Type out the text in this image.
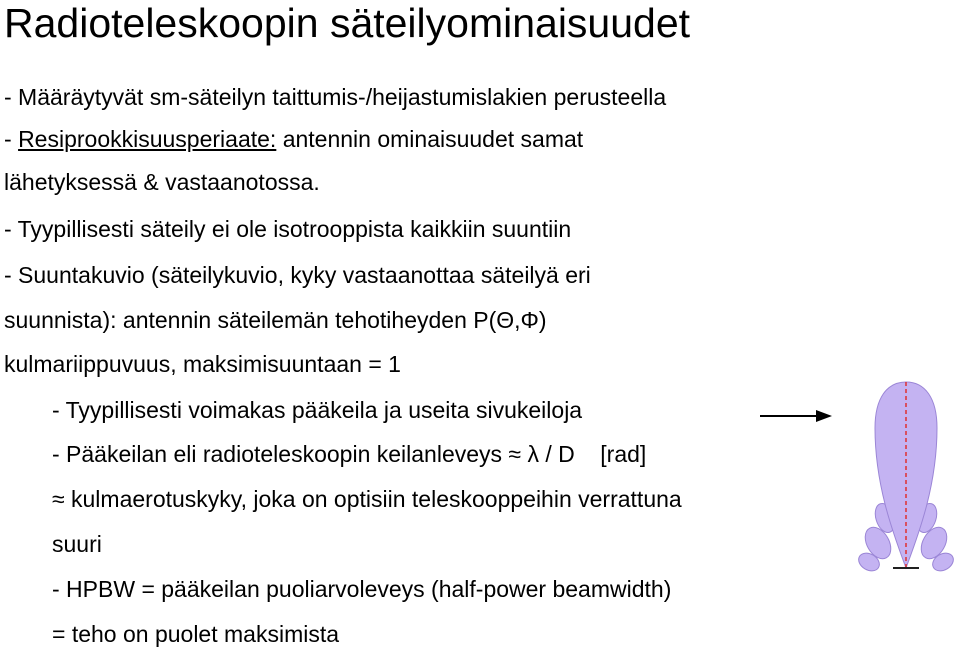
Radioteleskoopin säteilyominaisuudet
- Määräytyvät sm-säteilyn taittumis-/heijastumislakien perusteella
- Resiprookkisuusperiaate: antennin ominaisuudet samat
lähetyksessä & vastaanotossa.
- Tyypillisesti säteily ei ole isotrooppista kaikkiin suuntiin
- Suuntakuvio (säteilykuvio, kyky vastaanottaa säteilyä eri
suunnista): antennin säteilemän tehotiheyden P(Θ,Φ)
kulmariippuvuus, maksimisuuntaan = 1
- Tyypillisesti voimakas pääkeila ja useita sivukeiloja
- Pääkeilan eli radioteleskoopin keilanleveys ≈ λ / D    [rad]
≈ kulmaerotuskyky, joka on optisiin teleskooppeihin verrattuna
suuri
- HPBW = pääkeilan puoliarvoleveys (half-power beamwidth)
= teho on puolet maksimista
